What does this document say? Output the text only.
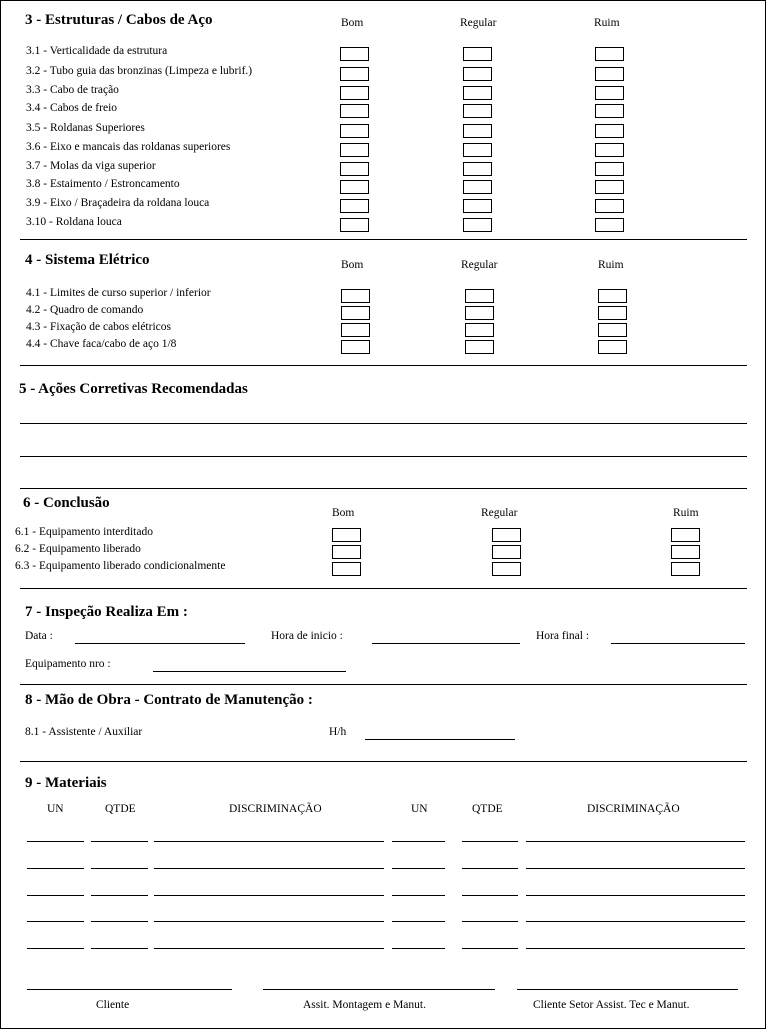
3 - Estruturas / Cabos de Aço	Bom	Regular	Ruim
3.1 - Verticalidade da estrutura
3.2 - Tubo guia das bronzinas (Limpeza e lubrif.)
3.3 - Cabo de tração
3.4 - Cabos de freio
3.5 - Roldanas Superiores
3.6 - Eixo e mancais das roldanas superiores
3.7 - Molas da viga superior
3.8 - Estaimento / Estroncamento
3.9 - Eixo / Braçadeira da roldana louca
3.10 - Roldana louca
4 - Sistema Elétrico	Bom	Regular	Ruim
4.1 - Limites de curso superior / inferior
4.2 - Quadro de comando
4.3 - Fixação de cabos elétricos
4.4 - Chave faca/cabo de aço 1/8
5 - Ações Corretivas Recomendadas
6 - Conclusão
Bom	Regular	Ruim
6.1 - Equipamento interditado
6.2 - Equipamento liberado
6.3 - Equipamento liberado condicionalmente
7 - Inspeção Realiza Em :
Data :	Hora de inicio :	Hora final :
Equipamento nro :
8 - Mão de Obra - Contrato de Manutenção :
8.1 - Assistente / Auxiliar	H/h
9 - Materiais
UN	QTDE	DISCRIMINAÇÃO	UN	QTDE	DISCRIMINAÇÃO
Cliente	Assit. Montagem e Manut.	Cliente Setor Assist. Tec e Manut.
